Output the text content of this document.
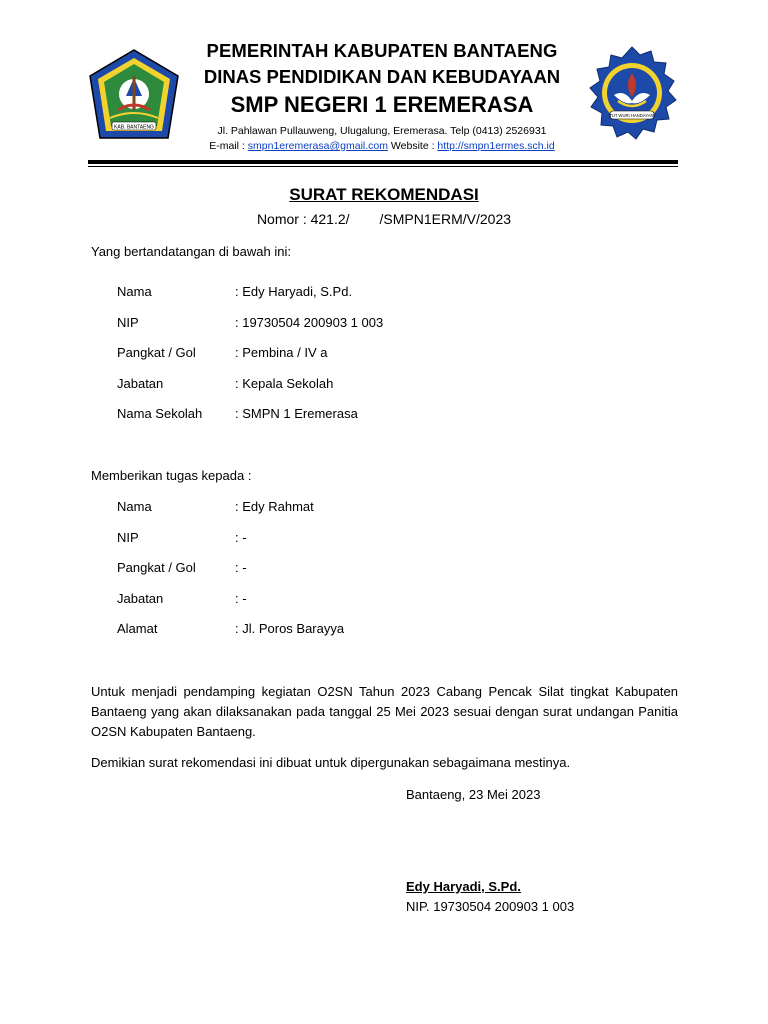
KAB. BANTAENG
PEMERINTAH KABUPATEN BANTAENG
DINAS PENDIDIKAN DAN KEBUDAYAAN
SMP NEGERI 1 EREMERASA
Jl. Pahlawan Pullauweng, Ulugalung, Eremerasa. Telp (0413) 2526931
E-mail : smpn1eremerasa@gmail.com Website : http://smpn1ermes.sch.id
TUT WURI HANDAYANI
SURAT REKOMENDASI
Nomor : 421.2/ /SMPN1ERM/V/2023
Yang bertandatangan di bawah ini:
Nama	: Edy Haryadi, S.Pd.
NIP	: 19730504 200903 1 003
Pangkat / Gol	: Pembina / IV a
Jabatan	: Kepala Sekolah
Nama Sekolah	: SMPN 1 Eremerasa
Memberikan tugas kepada :
Nama	: Edy Rahmat
NIP	: -
Pangkat / Gol	: -
Jabatan	: -
Alamat	: Jl. Poros Barayya
Untuk menjadi pendamping kegiatan O2SN Tahun 2023 Cabang Pencak Silat tingkat Kabupaten Bantaeng yang akan dilaksanakan pada tanggal 25 Mei 2023 sesuai dengan surat undangan Panitia O2SN Kabupaten Bantaeng.
Demikian surat rekomendasi ini dibuat untuk dipergunakan sebagaimana mestinya.
Bantaeng, 23 Mei 2023
Edy Haryadi, S.Pd.
NIP. 19730504 200903 1 003
